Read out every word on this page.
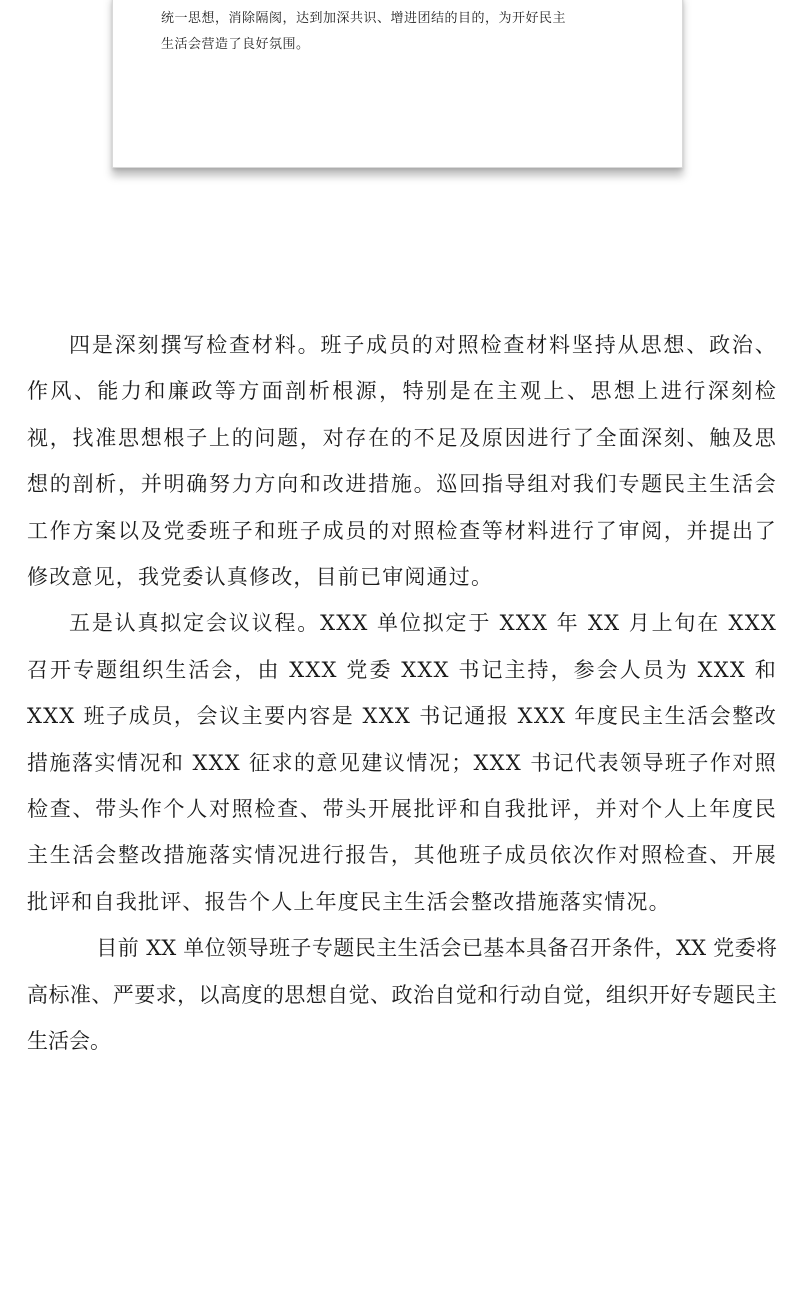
统一思想，消除隔阂，达到加深共识、增进团结的目的，为开好民主
生活会营造了良好氛围。

四是深刻撰写检查材料。班子成员的对照检查材料坚持从思想、政治、作风、能力和廉政等方面剖析根源，特别是在主观上、思想上进行深刻检视，找准思想根子上的问题，对存在的不足及原因进行了全面深刻、触及思想的剖析，并明确努力方向和改进措施。巡回指导组对我们专题民主生活会工作方案以及党委班子和班子成员的对照检查等材料进行了审阅，并提出了修改意见，我党委认真修改，目前已审阅通过。

五是认真拟定会议议程。XXX 单位拟定于 XXX 年 XX 月上旬在 XXX 召开专题组织生活会，由 XXX 党委 XXX 书记主持，参会人员为 XXX 和 XXX 班子成员，会议主要内容是 XXX 书记通报 XXX 年度民主生活会整改措施落实情况和 XXX 征求的意见建议情况；XXX 书记代表领导班子作对照检查、带头作个人对照检查、带头开展批评和自我批评，并对个人上年度民主生活会整改措施落实情况进行报告，其他班子成员依次作对照检查、开展批评和自我批评、报告个人上年度民主生活会整改措施落实情况。

目前 XX 单位领导班子专题民主生活会已基本具备召开条件，XX 党委将高标准、严要求，以高度的思想自觉、政治自觉和行动自觉，组织开好专题民主生活会。
